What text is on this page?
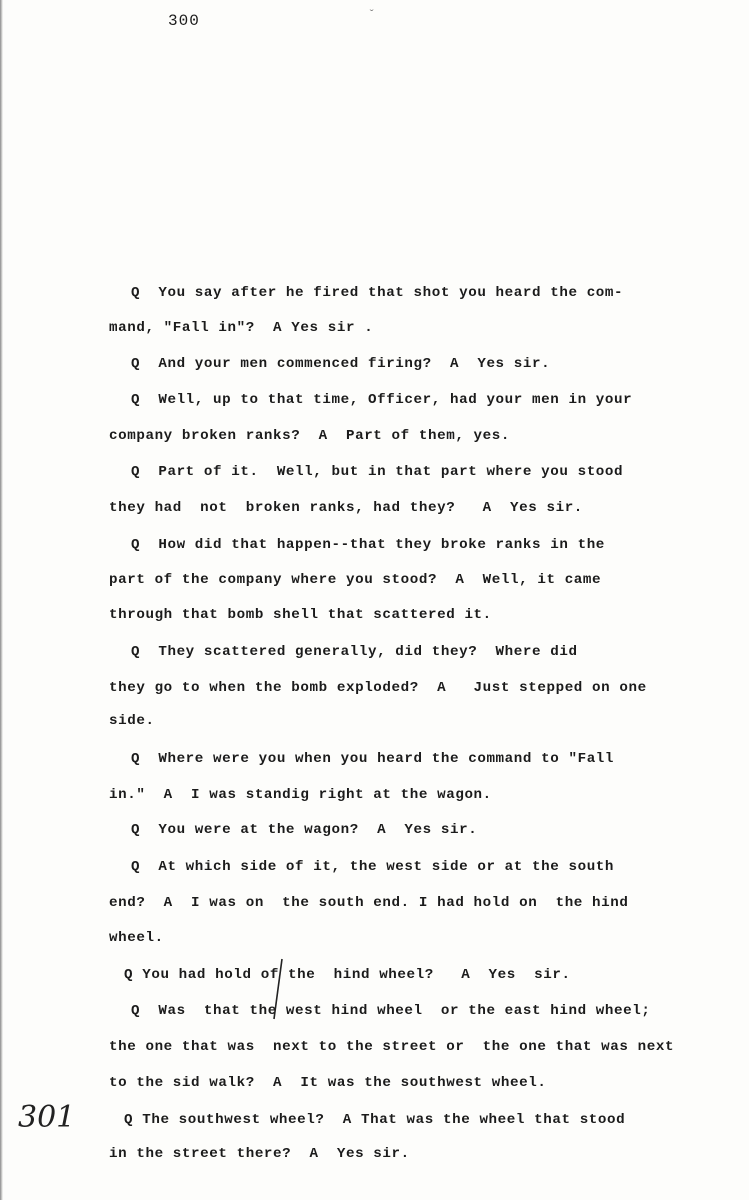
300	ˇ
Q  You say after he fired that shot you heard the com-
mand, "Fall in"?  A Yes sir .
Q  And your men commenced firing?  A  Yes sir.
Q  Well, up to that time, Officer, had your men in your
company broken ranks?  A  Part of them, yes.
Q  Part of it.  Well, but in that part where you stood
they had  not  broken ranks, had they?   A  Yes sir.
Q  How did that happen--that they broke ranks in the
part of the company where you stood?  A  Well, it came
through that bomb shell that scattered it.
Q  They scattered generally, did they?  Where did
they go to when the bomb exploded?  A   Just stepped on one
side.
Q  Where were you when you heard the command to "Fall
in."  A  I was standig right at the wagon.
Q  You were at the wagon?  A  Yes sir.
Q  At which side of it, the west side or at the south
end?  A  I was on  the south end. I had hold on  the hind
wheel.
Q You had hold of the  hind wheel?   A  Yes  sir.
Q  Was  that the west hind wheel  or the east hind wheel;
the one that was  next to the street or  the one that was next
to the sid walk?  A  It was the southwest wheel.
Q The southwest wheel?  A That was the wheel that stood
in the street there?  A  Yes sir.
301
